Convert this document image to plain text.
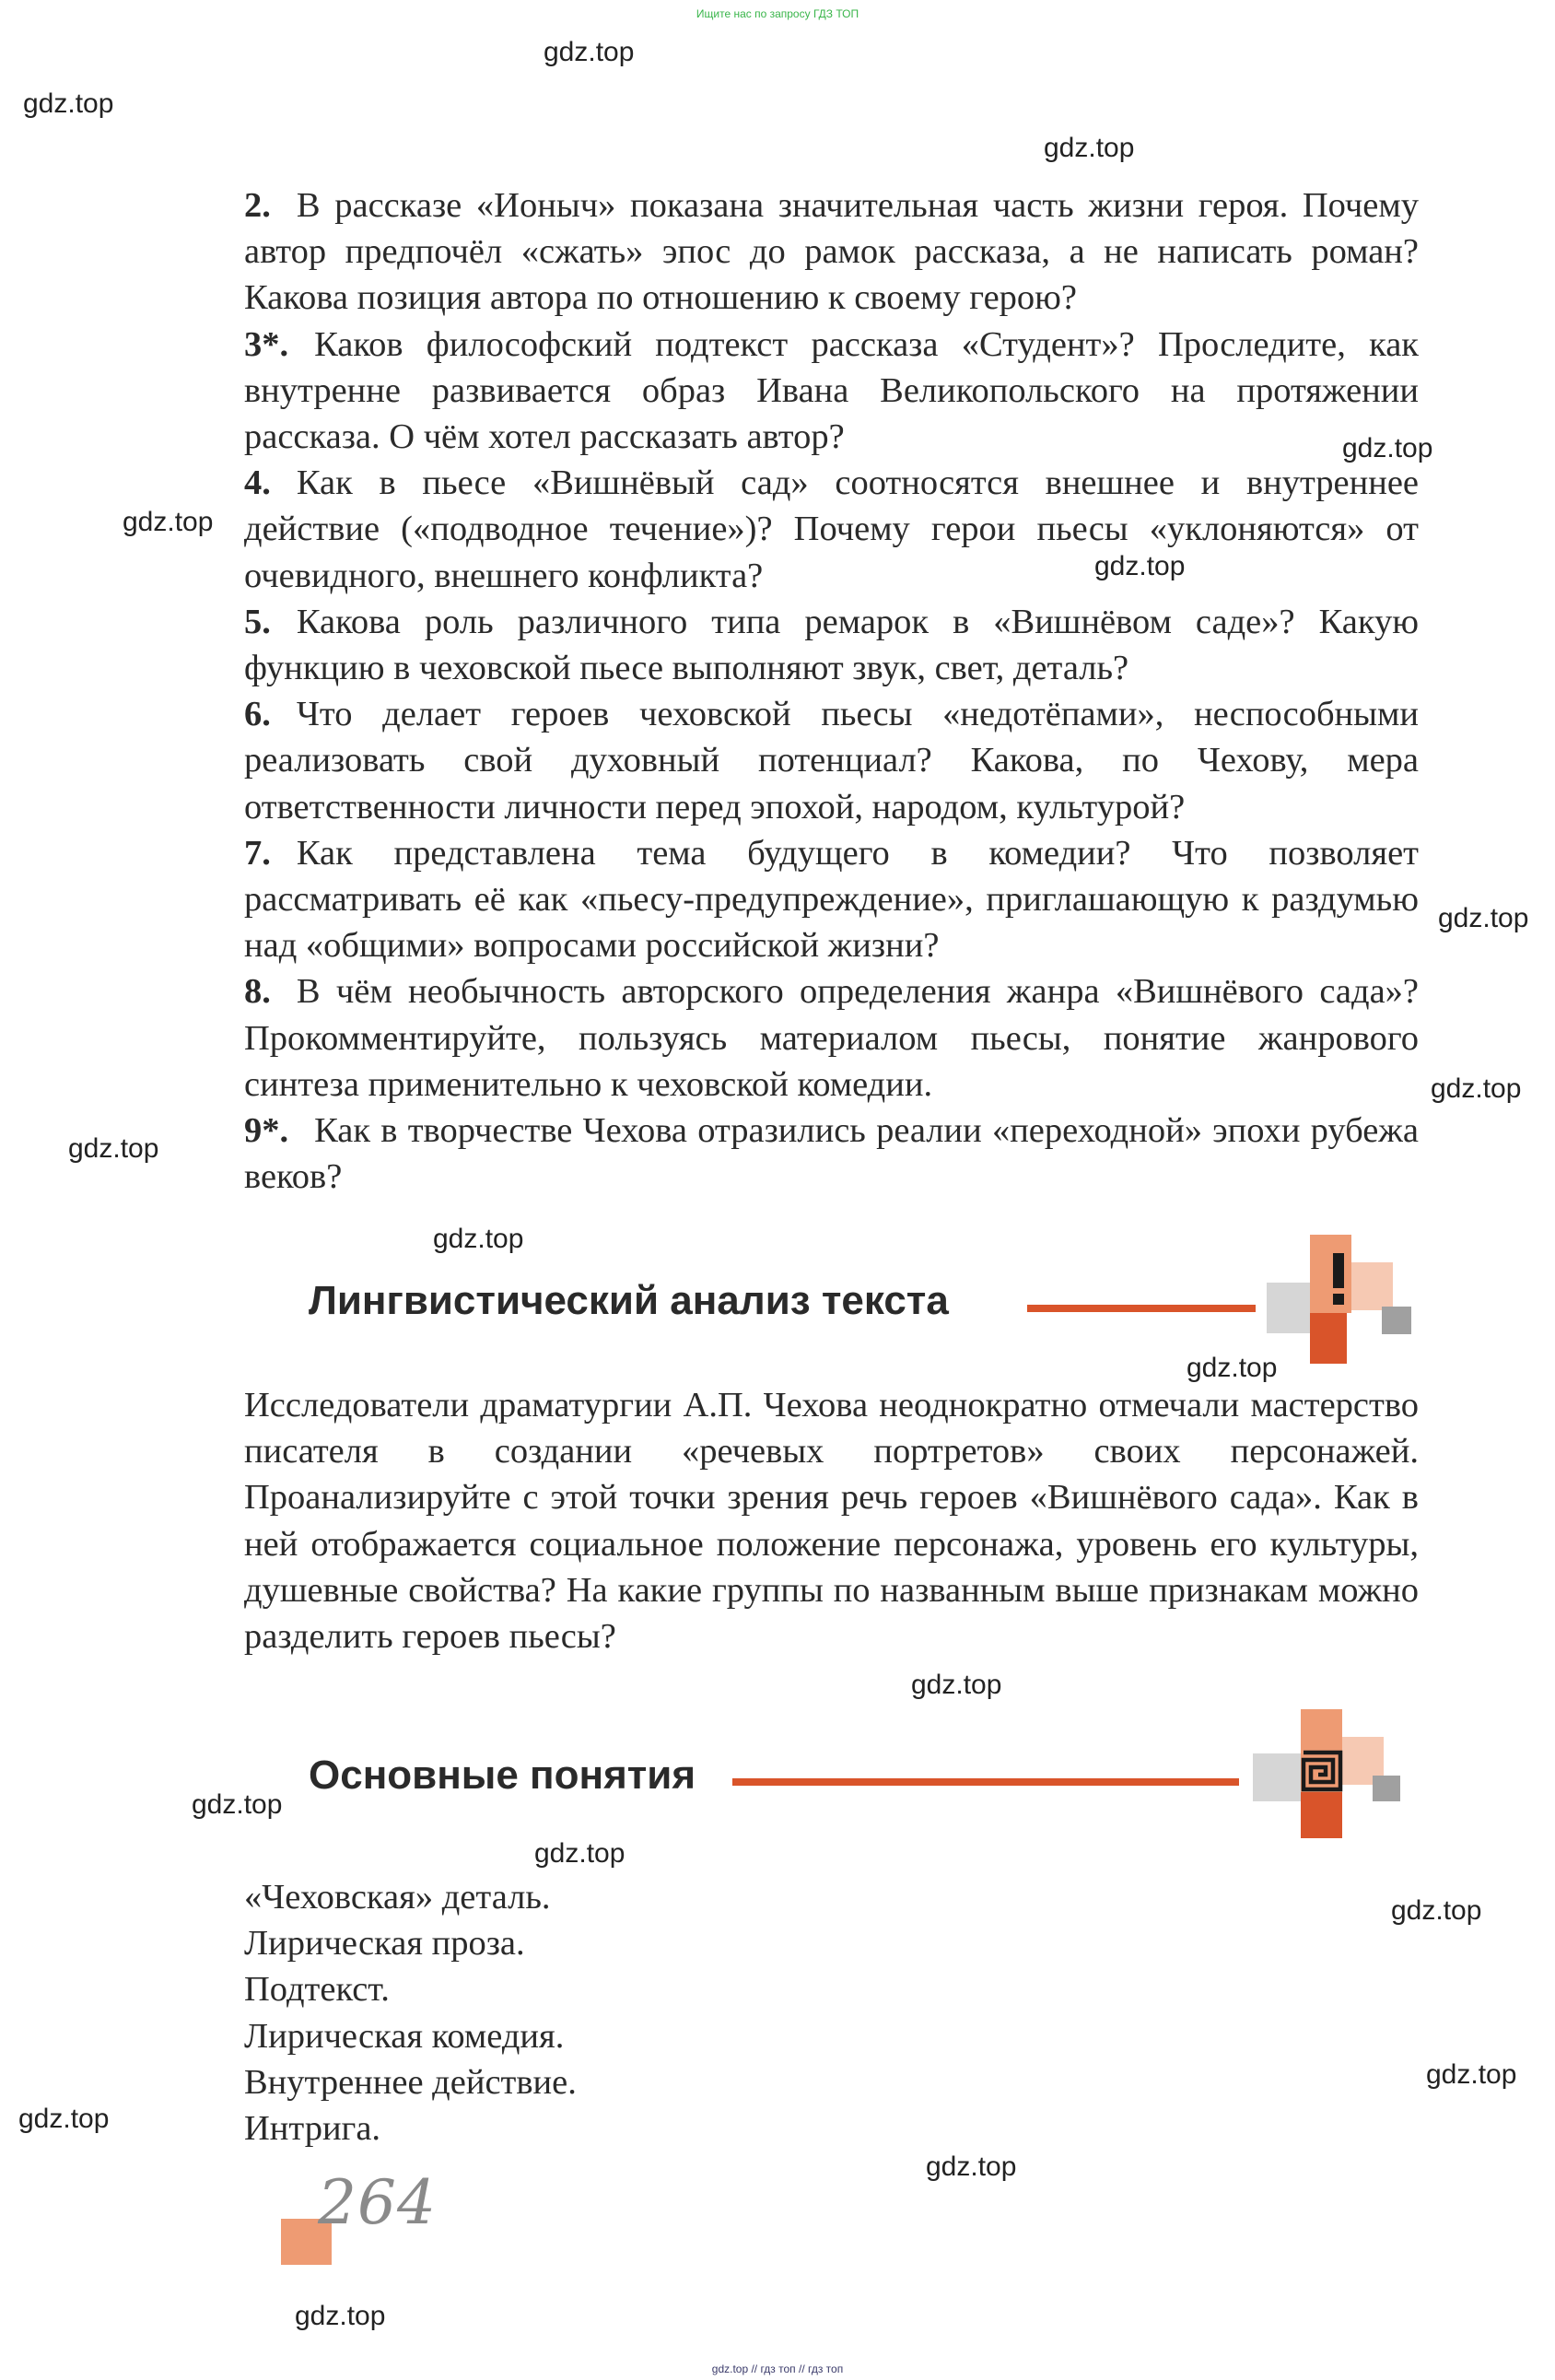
Ищите нас по запросу ГДЗ ТОП
gdz.top
gdz.top
gdz.top
gdz.top
gdz.top
gdz.top
gdz.top
gdz.top
gdz.top
gdz.top
gdz.top
gdz.top
gdz.top
gdz.top
gdz.top
gdz.top
gdz.top
gdz.top
gdz.top

2. В рассказе «Ионыч» показана значительная часть жизни героя. Почему автор предпочёл «сжать» эпос до рамок рассказа, а не написать роман? Какова позиция автора по отношению к своему герою?

3*. Каков философский подтекст рассказа «Студент»? Проследите, как внутренне развивается образ Ивана Великопольского на протяжении рассказа. О чём хотел рассказать автор?

4. Как в пьесе «Вишнёвый сад» соотносятся внешнее и внутреннее действие («подводное течение»)? Почему герои пьесы «уклоняются» от очевидного, внешнего конфликта?

5. Какова роль различного типа ремарок в «Вишнёвом саде»? Какую функцию в чеховской пьесе выполняют звук, свет, деталь?

6. Что делает героев чеховской пьесы «недотёпами», неспособными реализовать свой духовный потенциал? Какова, по Чехову, мера ответственности личности перед эпохой, народом, культурой?

7. Как представлена тема будущего в комедии? Что позволяет рассматривать её как «пьесу-предупреждение», приглашающую к раздумью над «общими» вопросами российской жизни?

8. В чём необычность авторского определения жанра «Вишнёвого сада»? Прокомментируйте, пользуясь материалом пьесы, понятие жанрового синтеза применительно к чеховской комедии.

9*. Как в творчестве Чехова отразились реалии «переходной» эпохи рубежа веков?

Лингвистический анализ текста

Исследователи драматургии А.П. Чехова неоднократно отмечали мастерство писателя в создании «речевых портретов» своих персонажей. Проанализируйте с этой точки зрения речь героев «Вишнёвого сада». Как в ней отображается социальное положение персонажа, уровень его культуры, душевные свойства? На какие группы по названным выше признакам можно разделить героев пьесы?

Основные понятия
«Чеховская» деталь.
Лирическая проза.
Подтекст.
Лирическая комедия.
Внутреннее действие.
Интрига.
264
gdz.top // гдз топ // гдз топ
